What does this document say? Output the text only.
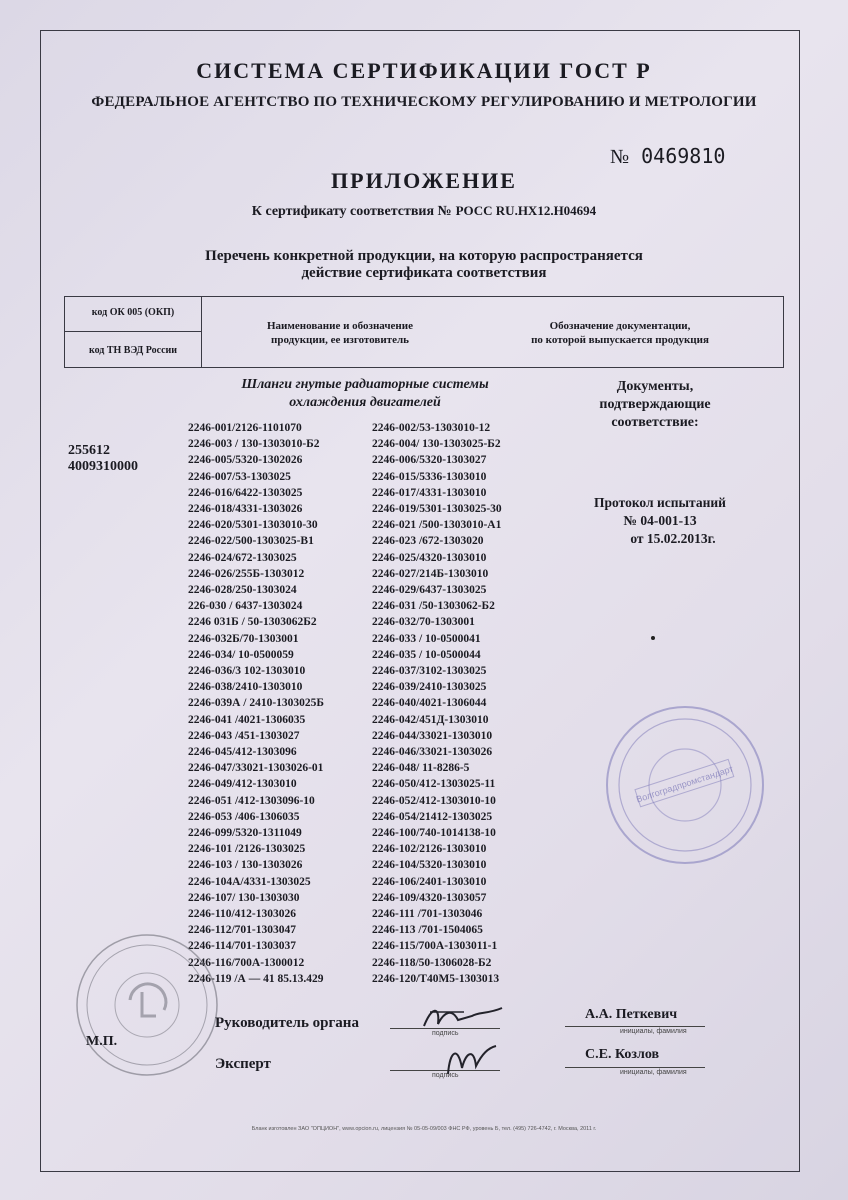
СИСТЕМА СЕРТИФИКАЦИИ ГОСТ Р
ФЕДЕРАЛЬНОЕ АГЕНТСТВО ПО ТЕХНИЧЕСКОМУ РЕГУЛИРОВАНИЮ И МЕТРОЛОГИИ
№ 0469810
ПРИЛОЖЕНИЕ
К сертификату соответствия № РОСС RU.НХ12.Н04694
Перечень конкретной продукции, на которую распространяется
действие сертификата соответствия
код ОК 005 (ОКП)
код ТН ВЭД России
Наименование и обозначение
продукции, ее изготовитель
Обозначение документации,
по которой выпускается продукция
Шланги гнутые радиаторные системы
охлаждения двигателей
Документы,
подтверждающие
соответствие:
255612
4009310000
2246-001/2126-1101070
2246-003 / 130-1303010-Б2
2246-005/5320-1302026
2246-007/53-1303025
2246-016/6422-1303025
2246-018/4331-1303026
2246-020/5301-1303010-30
2246-022/500-1303025-В1
2246-024/672-1303025
2246-026/255Б-1303012
2246-028/250-1303024
226-030 / 6437-1303024
2246 031Б / 50-1303062Б2
2246-032Б/70-1303001
2246-034/ 10-0500059
2246-036/3 102-1303010
2246-038/2410-1303010
2246-039А / 2410-1303025Б
2246-041 /4021-1306035
2246-043 /451-1303027
2246-045/412-1303096
2246-047/33021-1303026-01
2246-049/412-1303010
2246-051 /412-1303096-10
2246-053 /406-1306035
2246-099/5320-1311049
2246-101 /2126-1303025
2246-103 / 130-1303026
2246-104А/4331-1303025
2246-107/ 130-1303030
2246-110/412-1303026
2246-112/701-1303047
2246-114/701-1303037
2246-116/700А-1300012
2246-119 /А — 41 85.13.429
2246-002/53-1303010-12
2246-004/ 130-1303025-Б2
2246-006/5320-1303027
2246-015/5336-1303010
2246-017/4331-1303010
2246-019/5301-1303025-30
2246-021 /500-1303010-А1
2246-023 /672-1303020
2246-025/4320-1303010
2246-027/214Б-1303010
2246-029/6437-1303025
2246-031 /50-1303062-Б2
2246-032/70-1303001
2246-033 / 10-0500041
2246-035 / 10-0500044
2246-037/3102-1303025
2246-039/2410-1303025
2246-040/4021-1306044
2246-042/451Д-1303010
2246-044/33021-1303010
2246-046/33021-1303026
2246-048/ 11-8286-5
2246-050/412-1303025-11
2246-052/412-1303010-10
2246-054/21412-1303025
2246-100/740-1014138-10
2246-102/2126-1303010
2246-104/5320-1303010
2246-106/2401-1303010
2246-109/4320-1303057
2246-111 /701-1303046
2246-113 /701-1504065
2246-115/700А-1303011-1
2246-118/50-1306028-Б2
2246-120/Т40М5-1303013
Протокол испытаний
№ 04-001-13
от 15.02.2013г.
Волгоградпромстандарт
М.П.
Руководитель органа
Эксперт
А.А. Петкевич
С.Е. Козлов
подпись	инициалы, фамилия
подпись	инициалы, фамилия
Бланк изготовлен ЗАО "ОПЦИОН", www.opcion.ru, лицензия № 05-05-09/003 ФНС РФ, уровень Б, тел. (495) 726-4742, г. Москва, 2011 г.
